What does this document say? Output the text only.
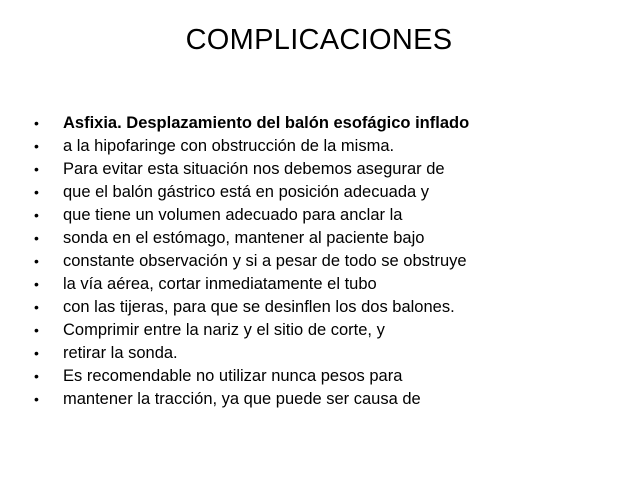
COMPLICACIONES
•	Asfixia. Desplazamiento del balón esofágico inflado
•	a la hipofaringe con obstrucción de la misma.
•	Para evitar esta situación nos debemos asegurar de
•	que el balón gástrico está en posición adecuada y
•	que tiene un volumen adecuado para anclar la
•	sonda en el estómago, mantener al paciente bajo
•	constante observación y si a pesar de todo se obstruye
•	la vía aérea, cortar inmediatamente el tubo
•	con las tijeras, para que se desinflen los dos balones.
•	Comprimir entre la nariz y el sitio de corte, y
•	retirar la sonda.
•	Es recomendable no utilizar nunca pesos para
•	mantener la tracción, ya que puede ser causa de
